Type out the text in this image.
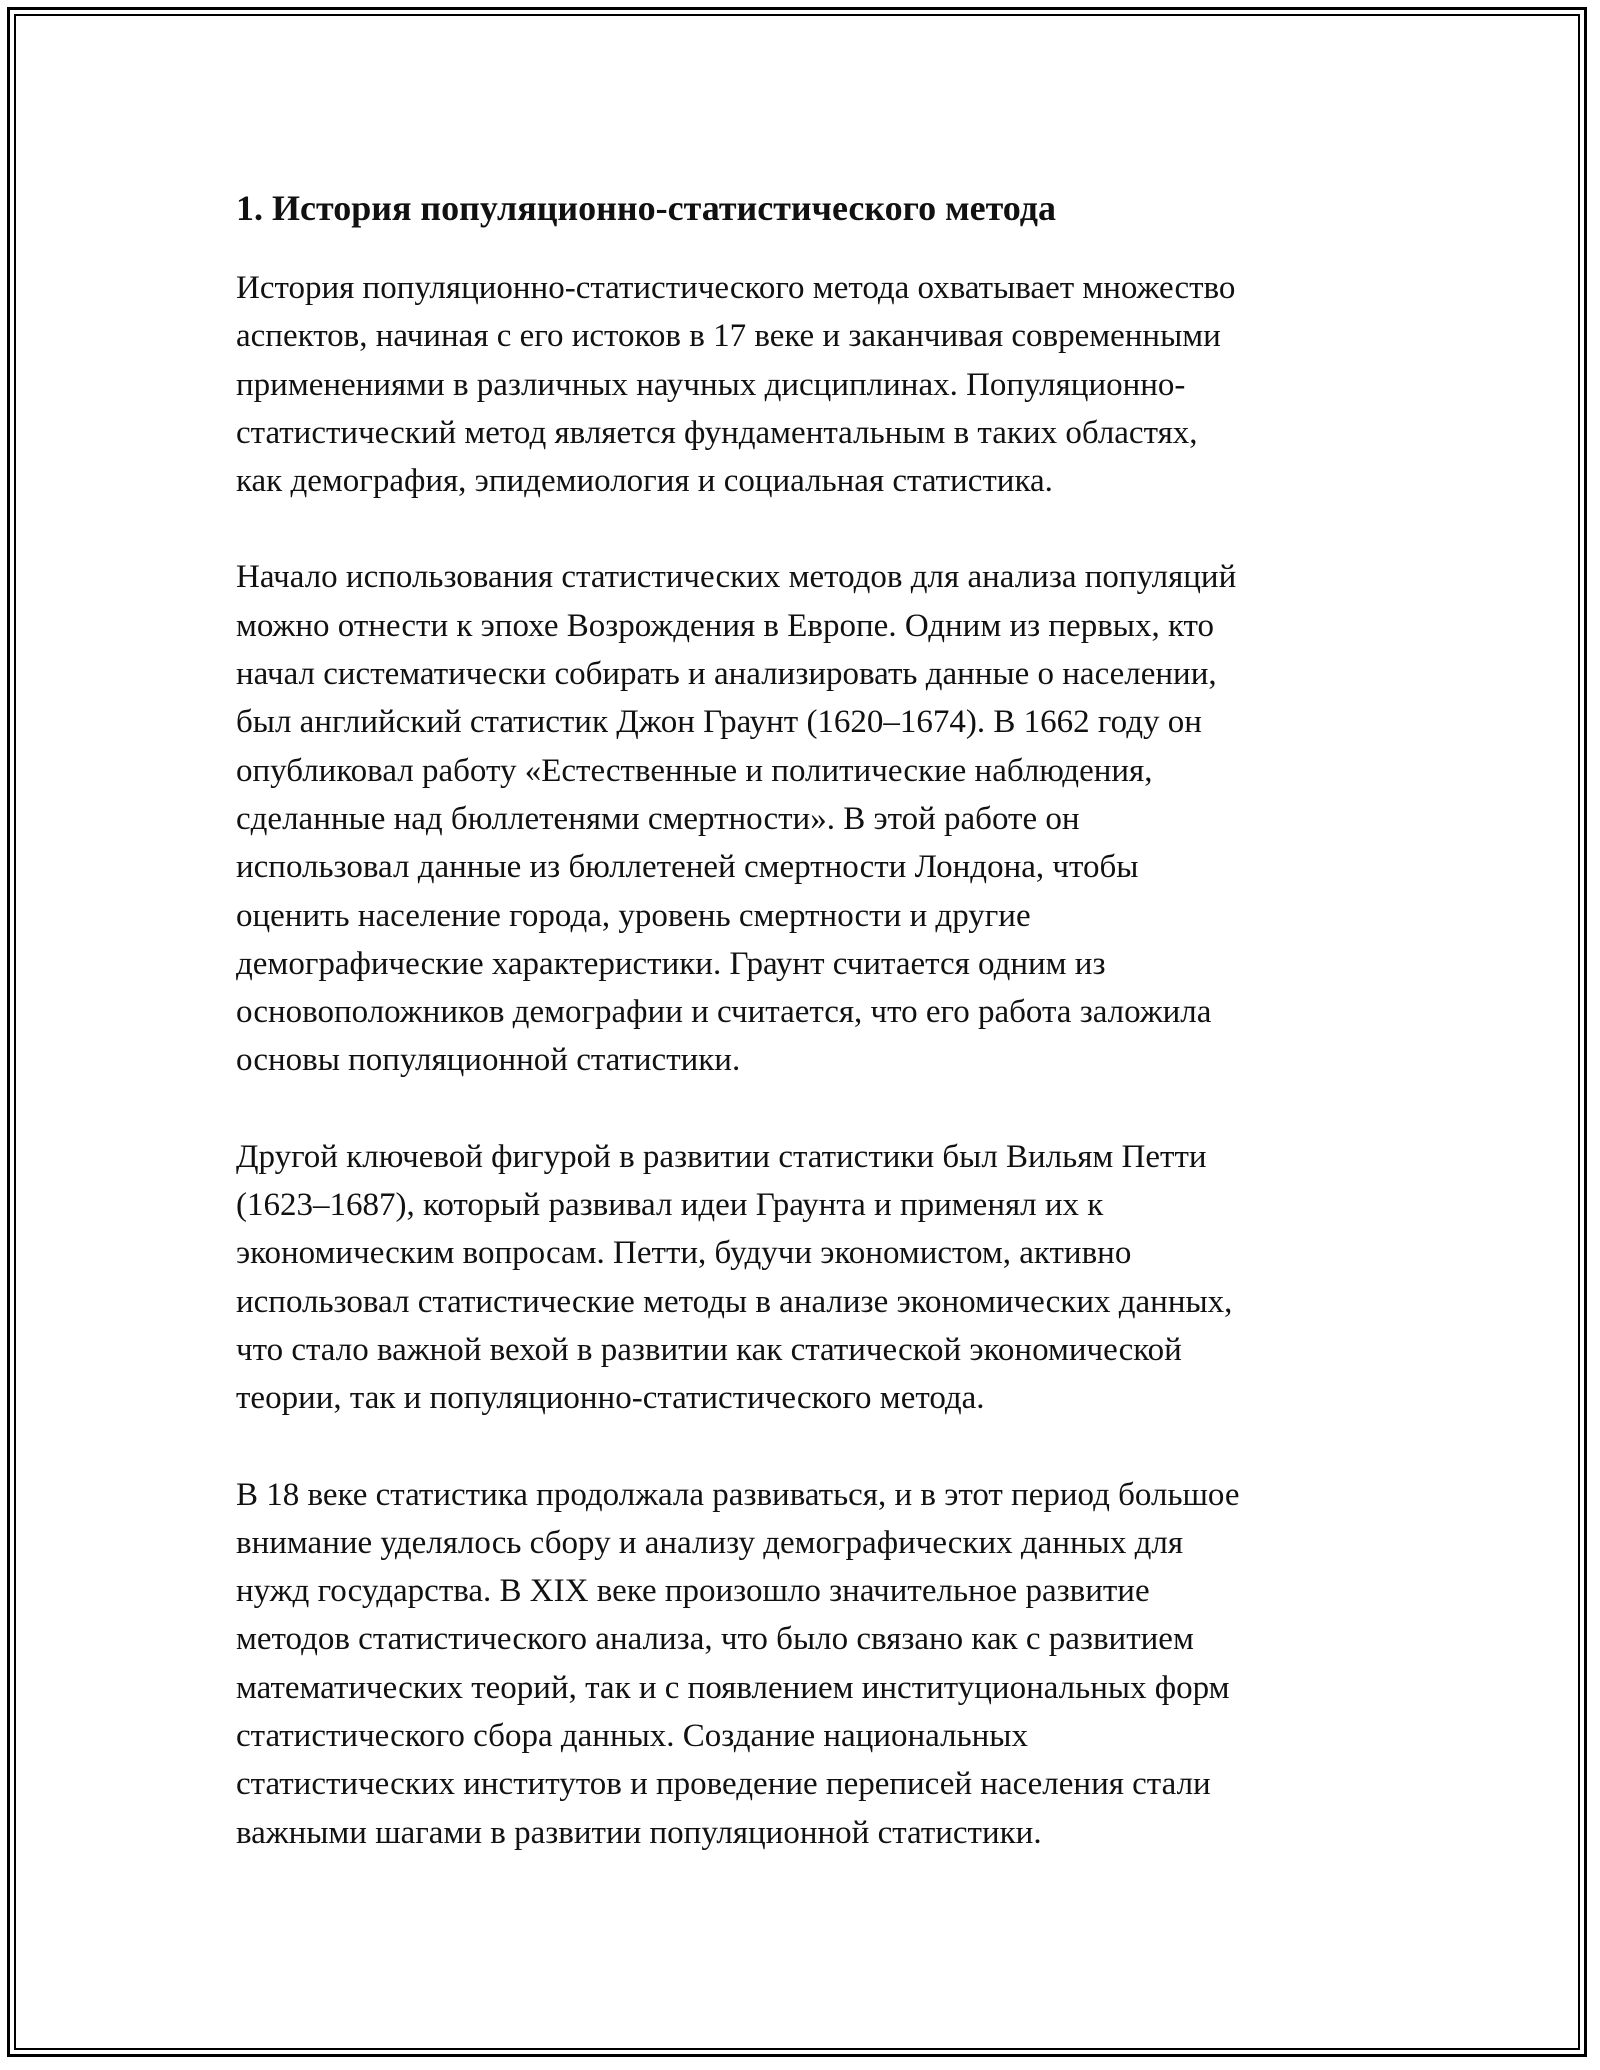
1. История популяционно-статистического метода

История популяционно-статистического метода охватывает множество
аспектов, начиная с его истоков в 17 веке и заканчивая современными
применениями в различных научных дисциплинах. Популяционно-
статистический метод является фундаментальным в таких областях,
как демография, эпидемиология и социальная статистика.

Начало использования статистических методов для анализа популяций
можно отнести к эпохе Возрождения в Европе. Одним из первых, кто
начал систематически собирать и анализировать данные о населении,
был английский статистик Джон Граунт (1620–1674). В 1662 году он
опубликовал работу «Естественные и политические наблюдения,
сделанные над бюллетенями смертности». В этой работе он
использовал данные из бюллетеней смертности Лондона, чтобы
оценить население города, уровень смертности и другие
демографические характеристики. Граунт считается одним из
основоположников демографии и считается, что его работа заложила
основы популяционной статистики.

Другой ключевой фигурой в развитии статистики был Вильям Петти
(1623–1687), который развивал идеи Граунта и применял их к
экономическим вопросам. Петти, будучи экономистом, активно
использовал статистические методы в анализе экономических данных,
что стало важной вехой в развитии как статической экономической
теории, так и популяционно-статистического метода.

В 18 веке статистика продолжала развиваться, и в этот период большое
внимание уделялось сбору и анализу демографических данных для
нужд государства. В XIX веке произошло значительное развитие
методов статистического анализа, что было связано как с развитием
математических теорий, так и с появлением институциональных форм
статистического сбора данных. Создание национальных
статистических институтов и проведение переписей населения стали
важными шагами в развитии популяционной статистики.
